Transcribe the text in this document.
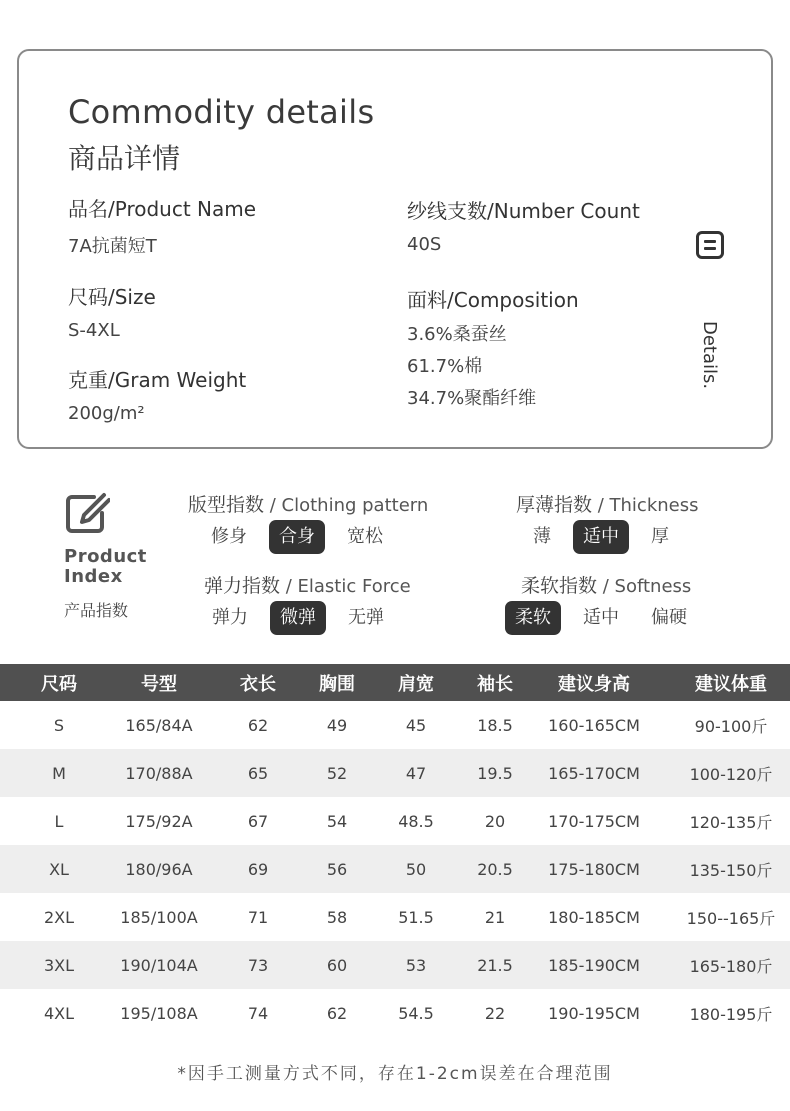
Commodity details
商品详情
品名/Product Name
7A抗菌短T
尺码/Size
S-4XL
克重/Gram Weight
200g/m²
纱线支数/Number Count
40S
面料/Composition
3.6%桑蚕丝
61.7%棉
34.7%聚酯纤维
Details.
Product
Index
产品指数
版型指数 / Clothing pattern
修身	合身	宽松
厚薄指数 / Thickness
薄	适中	厚
弹力指数 / Elastic Force
弹力	微弹	无弹
柔软指数 / Softness
柔软	适中	偏硬
尺码	号型	衣长	胸围	肩宽	袖长	建议身高	建议体重
S	165/84A	62	49	45	18.5	160-165CM	90-100斤
M	170/88A	65	52	47	19.5	165-170CM	100-120斤
L	175/92A	67	54	48.5	20	170-175CM	120-135斤
XL	180/96A	69	56	50	20.5	175-180CM	135-150斤
2XL	185/100A	71	58	51.5	21	180-185CM	150--165斤
3XL	190/104A	73	60	53	21.5	185-190CM	165-180斤
4XL	195/108A	74	62	54.5	22	190-195CM	180-195斤
*因手工测量方式不同，存在1-2cm误差在合理范围
